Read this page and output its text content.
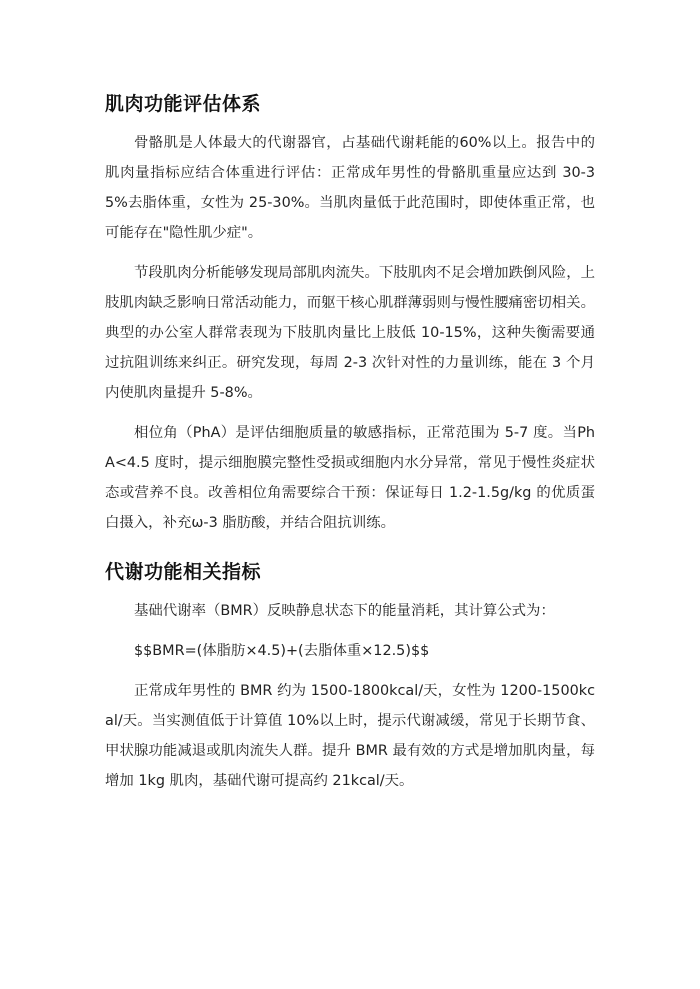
肌肉功能评估体系

骨骼肌是人体最大的代谢器官，占基础代谢耗能的60%以上。报告中的肌肉量指标应结合体重进行评估：正常成年男性的骨骼肌重量应达到 30-35%去脂体重，女性为 25-30%。当肌肉量低于此范围时，即使体重正常，也可能存在"隐性肌少症"。

节段肌肉分析能够发现局部肌肉流失。下肢肌肉不足会增加跌倒风险，上肢肌肉缺乏影响日常活动能力，而躯干核心肌群薄弱则与慢性腰痛密切相关。典型的办公室人群常表现为下肢肌肉量比上肢低 10-15%，这种失衡需要通过抗阻训练来纠正。研究发现，每周 2-3 次针对性的力量训练，能在 3 个月内使肌肉量提升 5-8%。

相位角（PhA）是评估细胞质量的敏感指标，正常范围为 5-7 度。当PhA<4.5 度时，提示细胞膜完整性受损或细胞内水分异常，常见于慢性炎症状态或营养不良。改善相位角需要综合干预：保证每日 1.2-1.5g/kg 的优质蛋白摄入，补充ω-3 脂肪酸，并结合阻抗训练。

代谢功能相关指标

基础代谢率（BMR）反映静息状态下的能量消耗，其计算公式为：

$$BMR=(体脂肪×4.5)+(去脂体重×12.5)$$

正常成年男性的 BMR 约为 1500-1800kcal/天，女性为 1200-1500kcal/天。当实测值低于计算值 10%以上时，提示代谢减缓，常见于长期节食、甲状腺功能减退或肌肉流失人群。提升 BMR 最有效的方式是增加肌肉量，每增加 1kg 肌肉，基础代谢可提高约 21kcal/天。
